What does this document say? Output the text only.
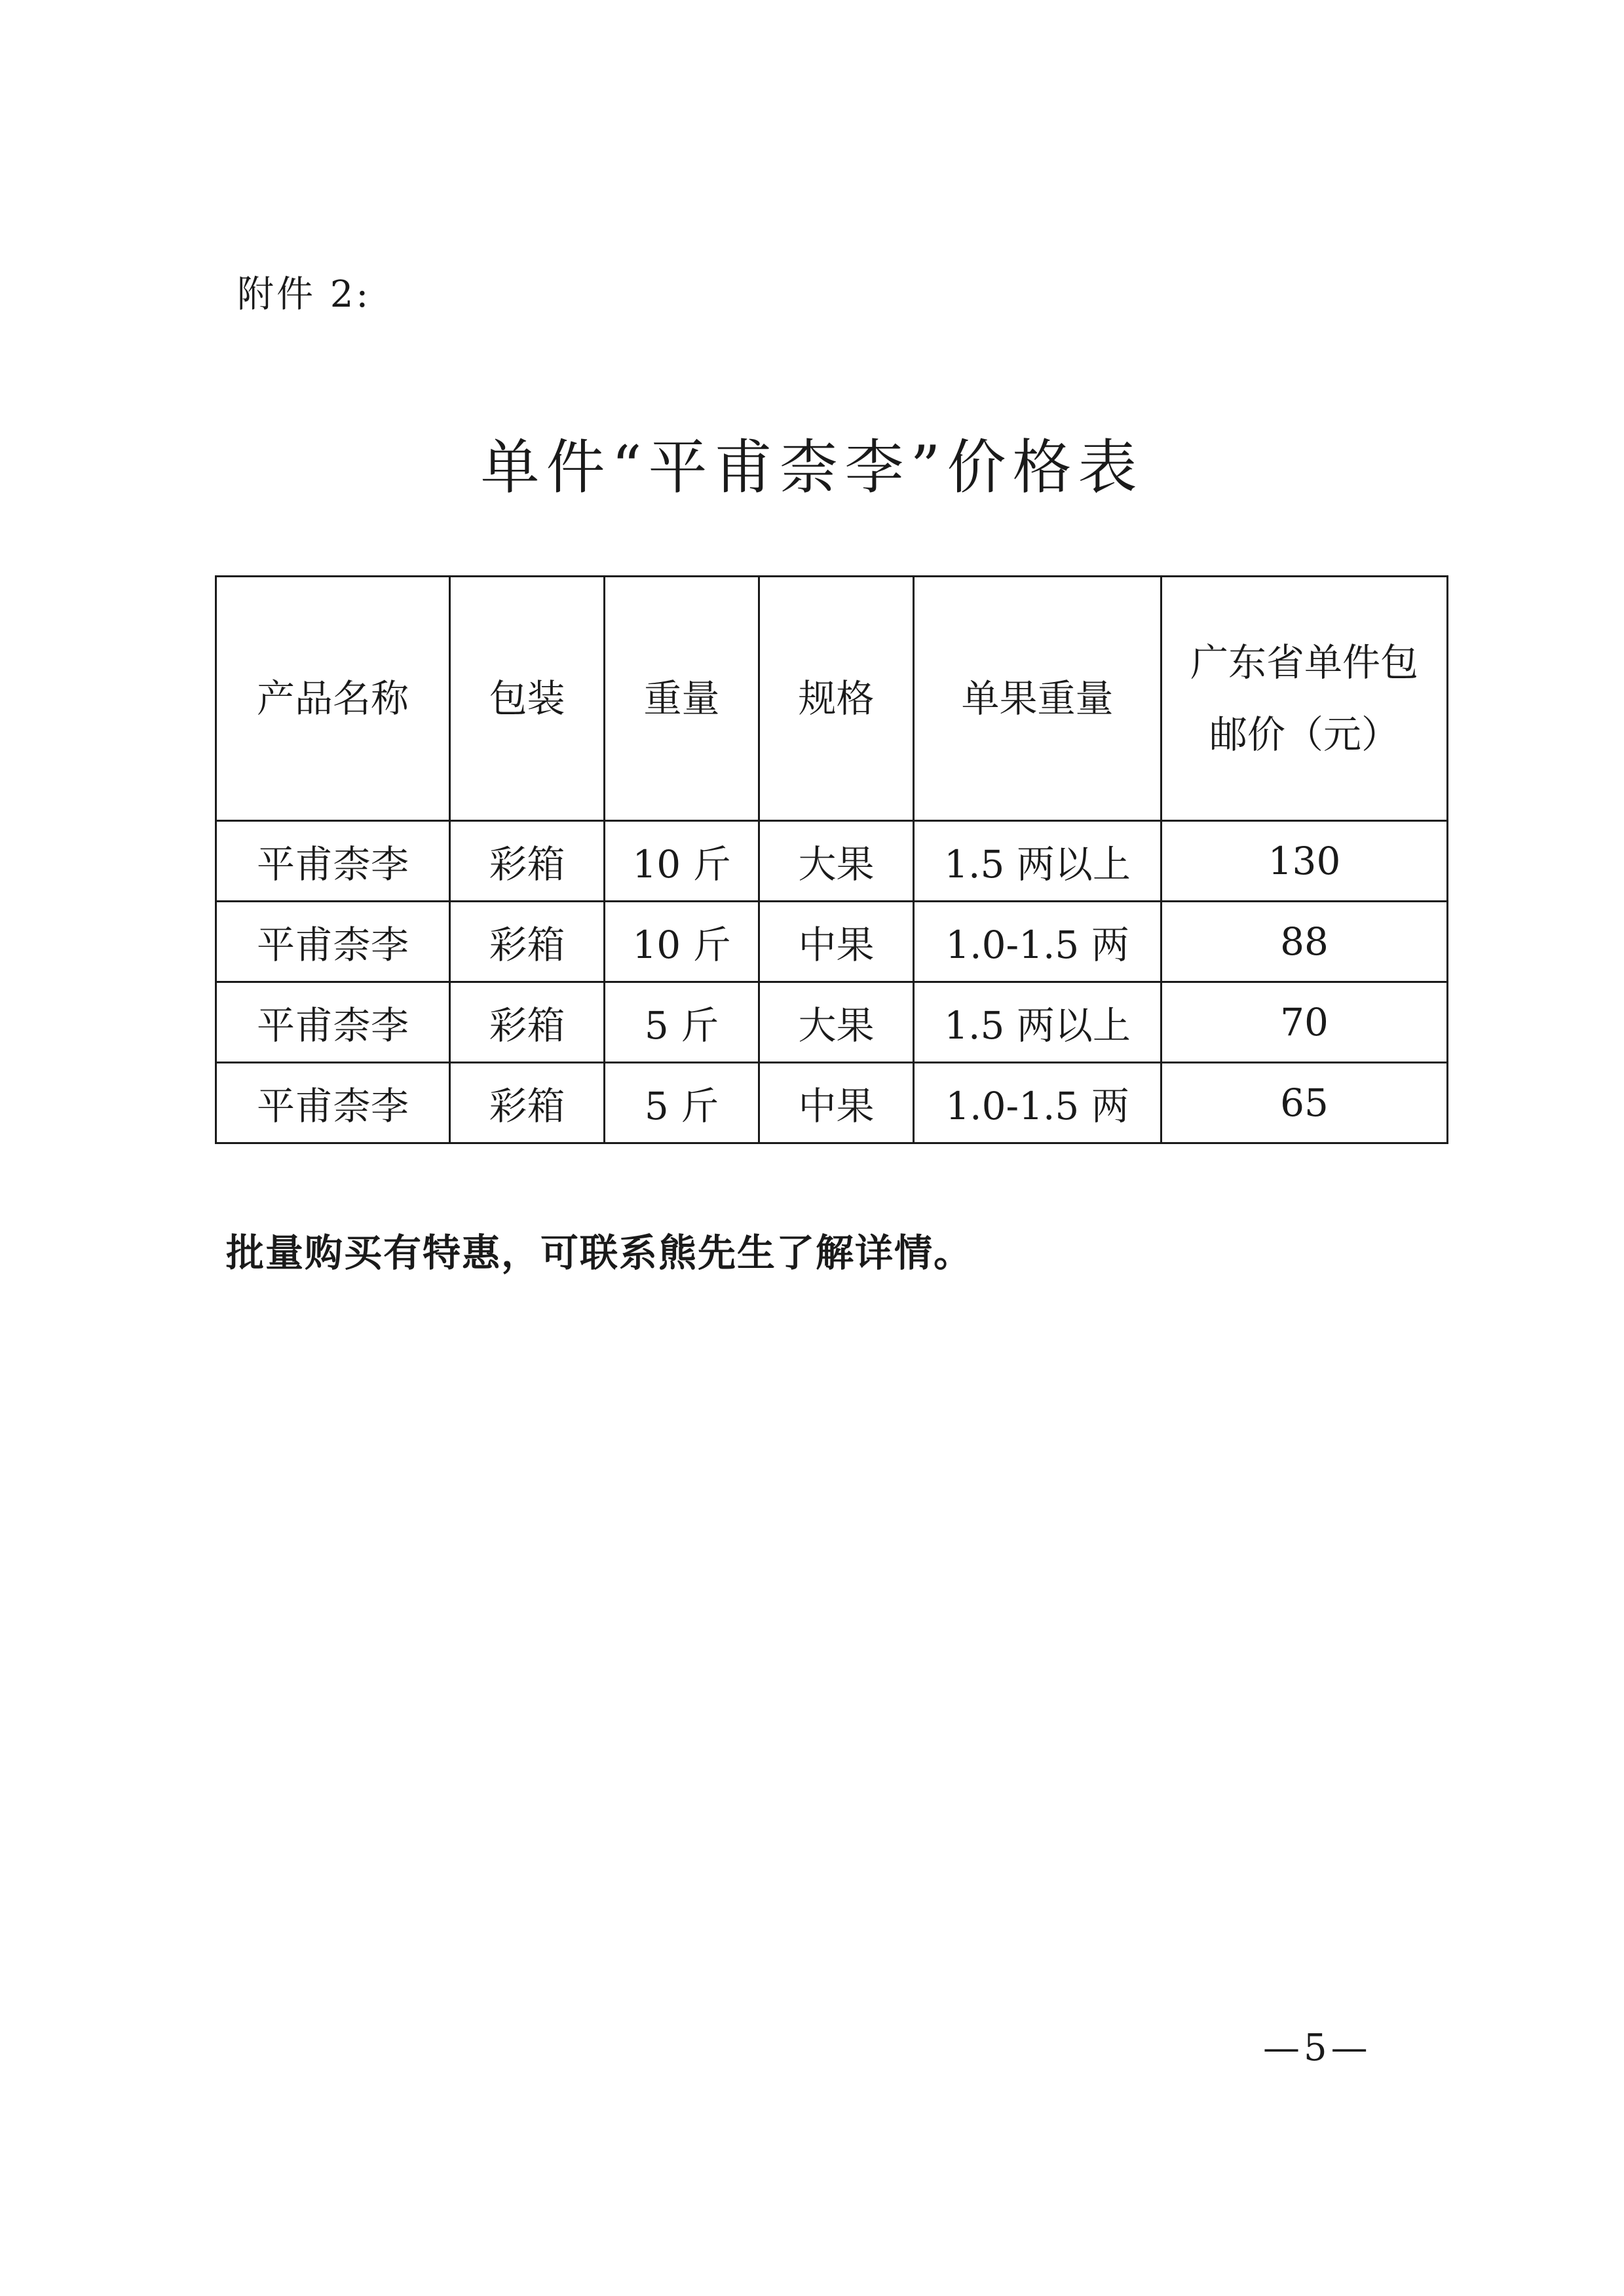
附件 2:
单件“平甫柰李”价格表
产品名称	包装	重量	规格	单果重量	广东省单件包邮价（元）
平甫柰李	彩箱	10 斤	大果	1.5 两以上	130
平甫柰李	彩箱	10 斤	中果	1.0-1.5 两	88
平甫柰李	彩箱	5 斤	大果	1.5 两以上	70
平甫柰李	彩箱	5 斤	中果	1.0-1.5 两	65
批量购买有特惠，可联系熊先生了解详情。
—5—
